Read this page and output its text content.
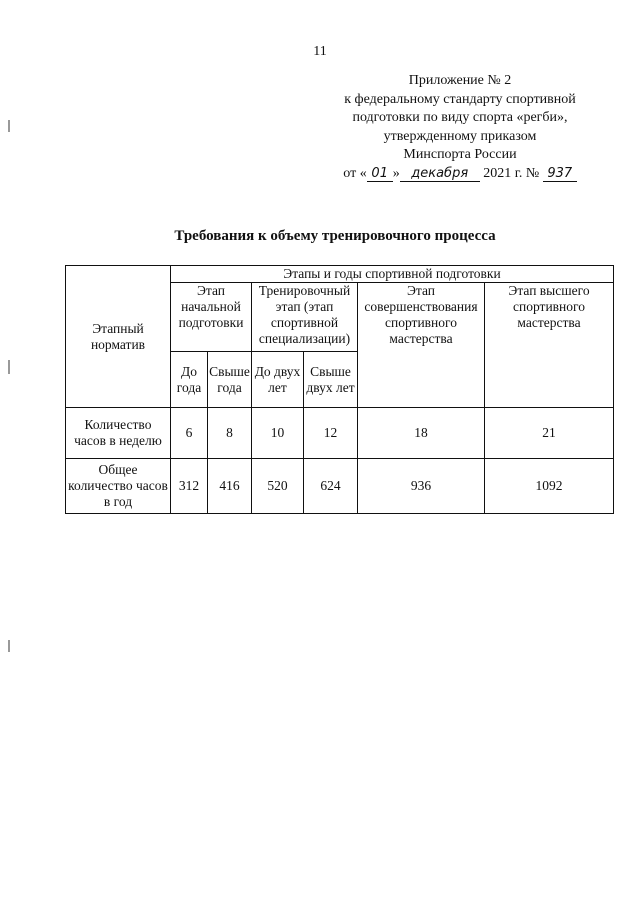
11
Приложение № 2
к федеральному стандарту спортивной
подготовки по виду спорта «регби»,
утвержденному приказом
Минспорта России
от « 01 » декабря 2021 г. № 937
Требования к объему тренировочного процесса
Этапный норматив	Этапы и годы спортивной подготовки					
	Этап начальной подготовки		Тренировочный этап (этап спортивной специализации)		Этап совершенствования спортивного мастерства	Этап высшего спортивного мастерства
	До года	Свыше года	До двух лет	Свыше двух лет		
Количество часов в неделю	6	8	10	12	18	21
Общее количество часов в год	312	416	520	624	936	1092
